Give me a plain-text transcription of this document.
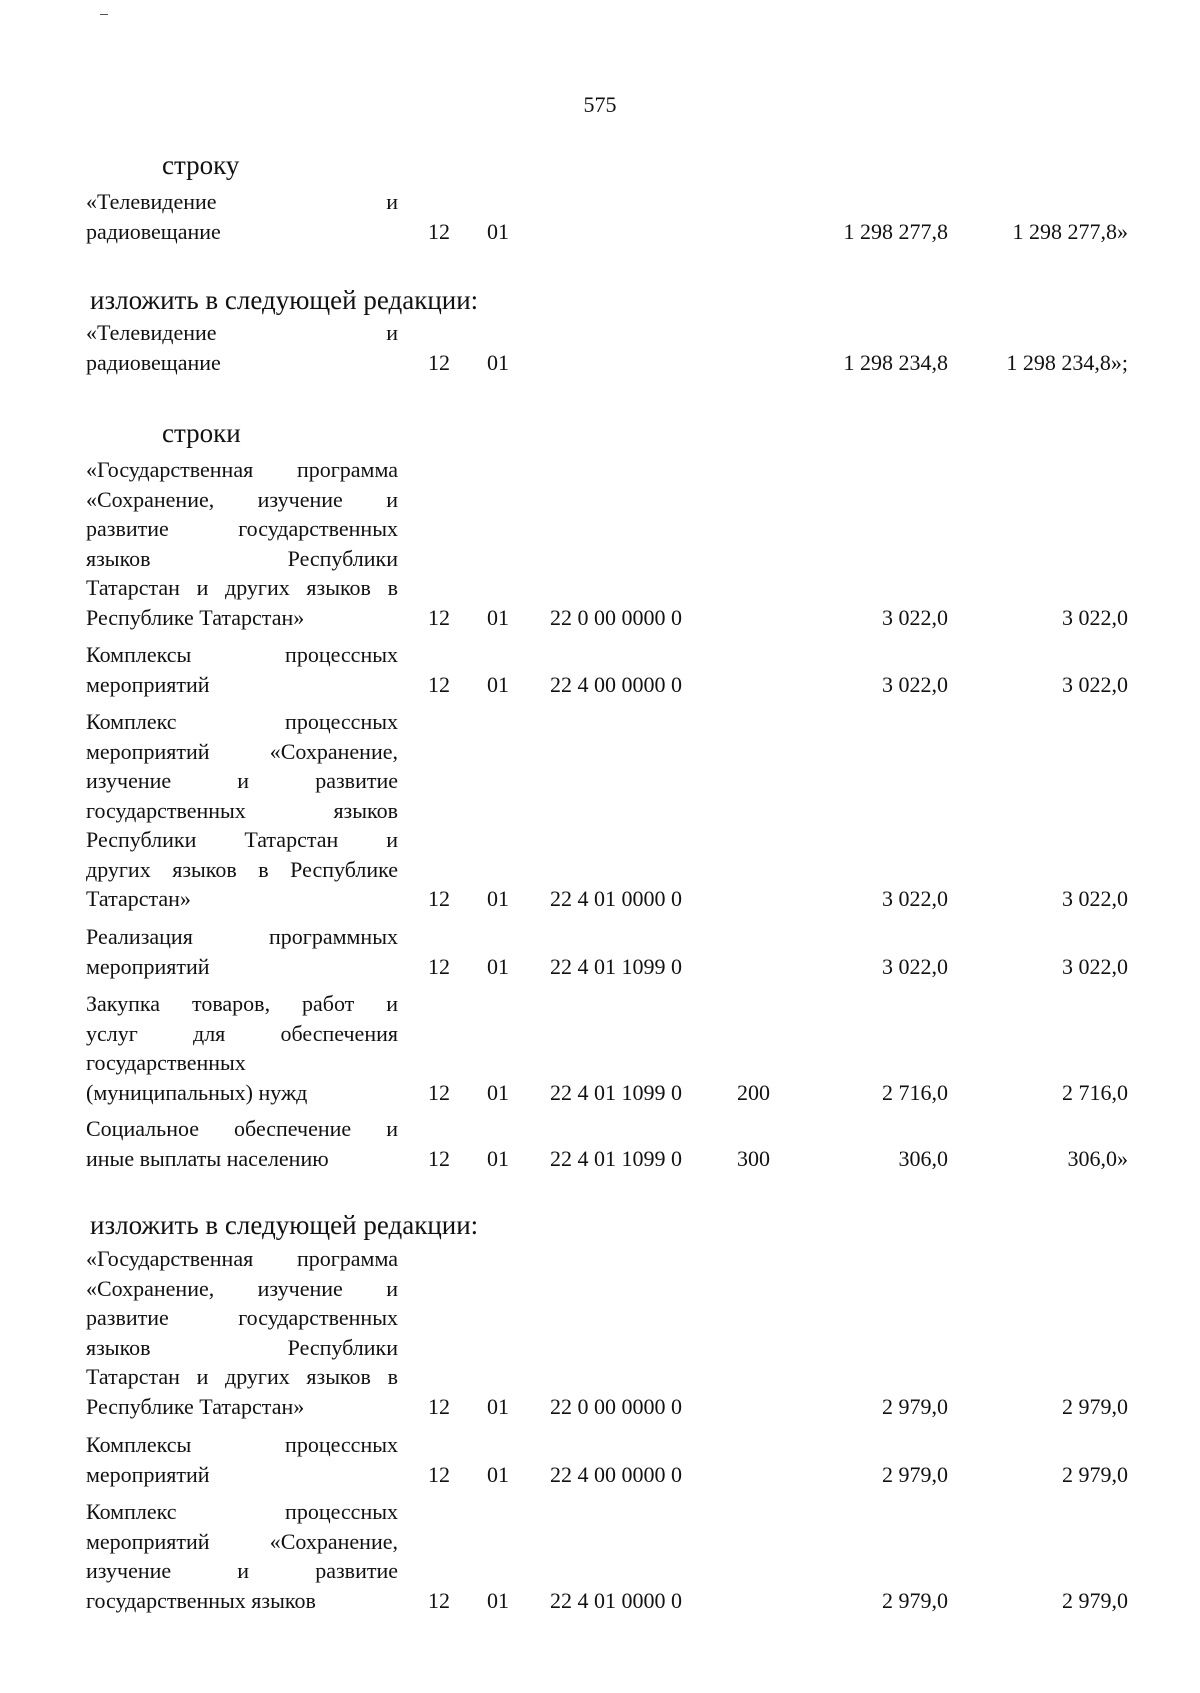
575
строку
«Телевидение и
радиовещание	12 01	1 298 277,8	1 298 277,8»
изложить в следующей редакции:
«Телевидение и
радиовещание	12 01	1 298 234,8	1 298 234,8»;
строки
«Государственная программа
«Сохранение, изучение и
развитие государственных
языков Республики
Татарстан и других языков в
Республике Татарстан»	12 01 22 0 00 0000 0	3 022,0	3 022,0
Комплексы процессных
мероприятий	12 01 22 4 00 0000 0	3 022,0	3 022,0
Комплекс процессных
мероприятий «Сохранение,
изучение и развитие
государственных языков
Республики Татарстан и
других языков в Республике
Татарстан»	12 01 22 4 01 0000 0	3 022,0	3 022,0
Реализация программных
мероприятий	12 01 22 4 01 1099 0	3 022,0	3 022,0
Закупка товаров, работ и
услуг для обеспечения
государственных
(муниципальных) нужд	12 01 22 4 01 1099 0	200	2 716,0	2 716,0
Социальное обеспечение и
иные выплаты населению	12 01 22 4 01 1099 0	300	306,0	306,0»
изложить в следующей редакции:
«Государственная программа
«Сохранение, изучение и
развитие государственных
языков Республики
Татарстан и других языков в
Республике Татарстан»	12 01 22 0 00 0000 0	2 979,0	2 979,0
Комплексы процессных
мероприятий	12 01 22 4 00 0000 0	2 979,0	2 979,0
Комплекс процессных
мероприятий «Сохранение,
изучение и развитие
государственных языков	12 01 22 4 01 0000 0	2 979,0	2 979,0
